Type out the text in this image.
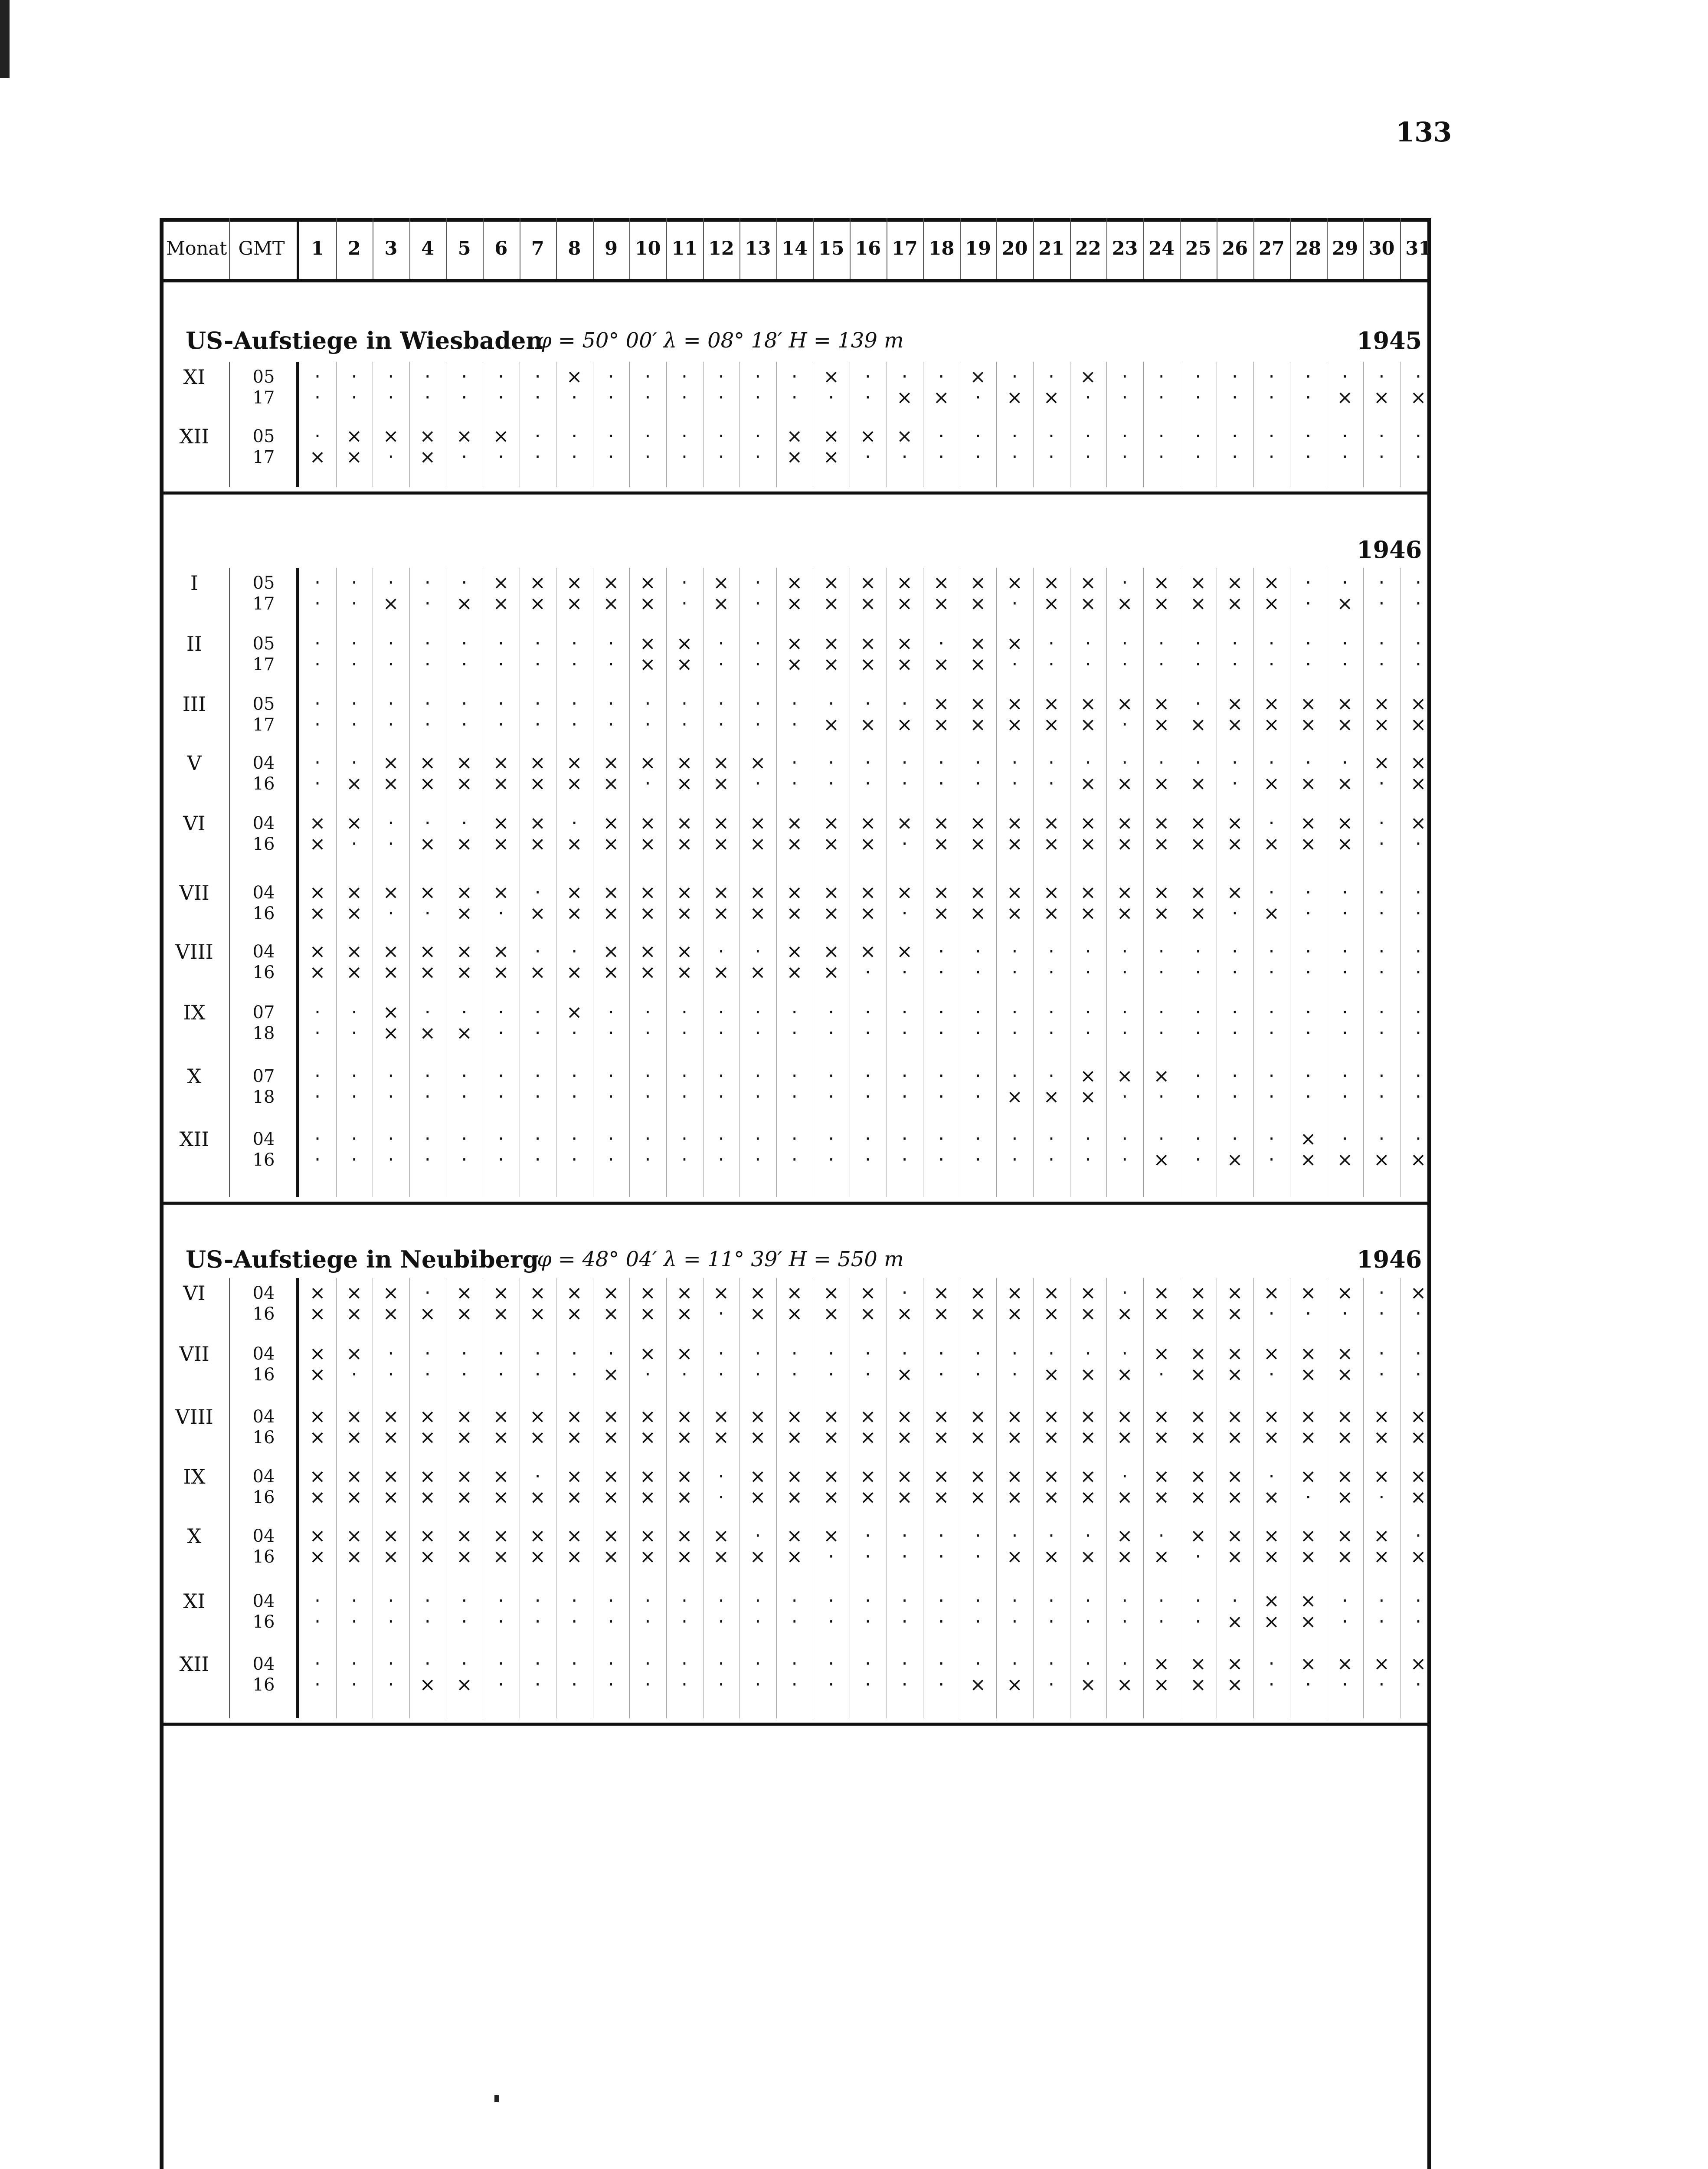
133
Monat GMT	1	2	3	4	5	6	7	8	9 10 11 12 13 14 15 16 17 18 19 20 21 22 23 24 25 26 27 28 29 30 31
US-Aufstiege in Wiesbaden
φ = 50° 00′ λ = 08° 18′ H = 139 m	1945
XI	05	·	·	·	·	·	·	·	×	·	·	·	·	·	·	×	·	·	·	×	·	·	×	·	·	·	·	·	·	·	·	·
17	·	·	·	·	·	·	·	·	·	·	·	·	·	·	·	·	×	×	·	×	×	·	·	·	·	·	·	·	×	×	×
XII	05	·	×	×	×	×	×	·	·	·	·	·	·	·	×	×	×	×	·	·	·	·	·	·	·	·	·	·	·	·	·	·
17	×	×	·	×	·	·	·	·	·	·	·	·	·	×	×	·	·	·	·	·	·	·	·	·	·	·	·	·	·	·	·
1946
I	05	·	·	·	·	·	×	×	×	×	×	·	×	·	×	×	×	×	×	×	×	×	×	·	×	×	×	×	·	·	·	·
17	·	·	×	·	×	×	×	×	×	×	·	×	·	×	×	×	×	×	×	·	×	×	×	×	×	×	×	·	×	·	·
II	05	·	·	·	·	·	·	·	·	·	×	×	·	·	×	×	×	×	·	×	×	·	·	·	·	·	·	·	·	·	·	·
17	·	·	·	·	·	·	·	·	·	×	×	·	·	×	×	×	×	×	×	·	·	·	·	·	·	·	·	·	·	·	·
III	05	·	·	·	·	·	·	·	·	·	·	·	·	·	·	·	·	·	×	×	×	×	×	×	×	·	×	×	×	×	×	×
17	·	·	·	·	·	·	·	·	·	·	·	·	·	·	×	×	×	×	×	×	×	×	·	×	×	×	×	×	×	×	×
V	04	·	·	×	×	×	×	×	×	×	×	×	×	×	·	·	·	·	·	·	·	·	·	·	·	·	·	·	·	·	×	×
16	·	×	×	×	×	×	×	×	×	·	×	×	·	·	·	·	·	·	·	·	·	×	×	×	×	·	×	×	×	·	×
VI	04	×	×	·	·	·	×	×	·	×	×	×	×	×	×	×	×	×	×	×	×	×	×	×	×	×	×	·	×	×	·	×
16	×	·	·	×	×	×	×	×	×	×	×	×	×	×	×	×	·	×	×	×	×	×	×	×	×	×	×	×	×	·	·
VII	04	×	×	×	×	×	×	·	×	×	×	×	×	×	×	×	×	×	×	×	×	×	×	×	×	×	×	·	·	·	·	·
16	×	×	·	·	×	·	×	×	×	×	×	×	×	×	×	×	·	×	×	×	×	×	×	×	×	·	×	·	·	·	·
VIII	04	×	×	×	×	×	×	·	·	×	×	×	·	·	×	×	×	×	·	·	·	·	·	·	·	·	·	·	·	·	·	·
16	×	×	×	×	×	×	×	×	×	×	×	×	×	×	×	·	·	·	·	·	·	·	·	·	·	·	·	·	·	·	·
IX	07	·	·	×	·	·	·	·	×	·	·	·	·	·	·	·	·	·	·	·	·	·	·	·	·	·	·	·	·	·	·	·
18	·	·	×	×	×	·	·	·	·	·	·	·	·	·	·	·	·	·	·	·	·	·	·	·	·	·	·	·	·	·	·
X	07	·	·	·	·	·	·	·	·	·	·	·	·	·	·	·	·	·	·	·	·	·	×	×	×	·	·	·	·	·	·	·
18	·	·	·	·	·	·	·	·	·	·	·	·	·	·	·	·	·	·	·	×	×	×	·	·	·	·	·	·	·	·	·
XII	04	·	·	·	·	·	·	·	·	·	·	·	·	·	·	·	·	·	·	·	·	·	·	·	·	·	·	·	×	·	·	·
16	·	·	·	·	·	·	·	·	·	·	·	·	·	·	·	·	·	·	·	·	·	·	·	×	·	×	·	×	×	×	×
US-Aufstiege in Neubiberg
φ = 48° 04′ λ = 11° 39′ H = 550 m	1946
VI	04	×	×	×	·	×	×	×	×	×	×	×	×	×	×	×	×	·	×	×	×	×	×	·	×	×	×	×	×	×	·	×
16	×	×	×	×	×	×	×	×	×	×	×	·	×	×	×	×	×	×	×	×	×	×	×	×	×	×	·	·	·	·	·
VII	04	×	×	·	·	·	·	·	·	·	×	×	·	·	·	·	·	·	·	·	·	·	·	·	×	×	×	×	×	×	·	·
16	×	·	·	·	·	·	·	·	×	·	·	·	·	·	·	·	×	·	·	·	×	×	×	·	×	×	·	×	×	·	·
VIII	04	×	×	×	×	×	×	×	×	×	×	×	×	×	×	×	×	×	×	×	×	×	×	×	×	×	×	×	×	×	×	×
16	×	×	×	×	×	×	×	×	×	×	×	×	×	×	×	×	×	×	×	×	×	×	×	×	×	×	×	×	×	×	×
IX	04	×	×	×	×	×	×	·	×	×	×	×	·	×	×	×	×	×	×	×	×	×	×	·	×	×	×	·	×	×	×	×
16	×	×	×	×	×	×	×	×	×	×	×	·	×	×	×	×	×	×	×	×	×	×	×	×	×	×	×	·	×	·	×
X	04	×	×	×	×	×	×	×	×	×	×	×	×	·	×	×	·	·	·	·	·	·	·	×	·	×	×	×	×	×	×	·
16	×	×	×	×	×	×	×	×	×	×	×	×	×	×	·	·	·	·	·	×	×	×	×	×	·	×	×	×	×	×	×
XI	04	·	·	·	·	·	·	·	·	·	·	·	·	·	·	·	·	·	·	·	·	·	·	·	·	·	·	×	×	·	·	·
16	·	·	·	·	·	·	·	·	·	·	·	·	·	·	·	·	·	·	·	·	·	·	·	·	·	×	×	×	·	·	·
XII	04	·	·	·	·	·	·	·	·	·	·	·	·	·	·	·	·	·	·	·	·	·	·	·	×	×	×	·	×	×	×	×
16	·	·	·	×	×	·	·	·	·	·	·	·	·	·	·	·	·	·	×	×	·	×	×	×	×	×	·	·	·	·	·
